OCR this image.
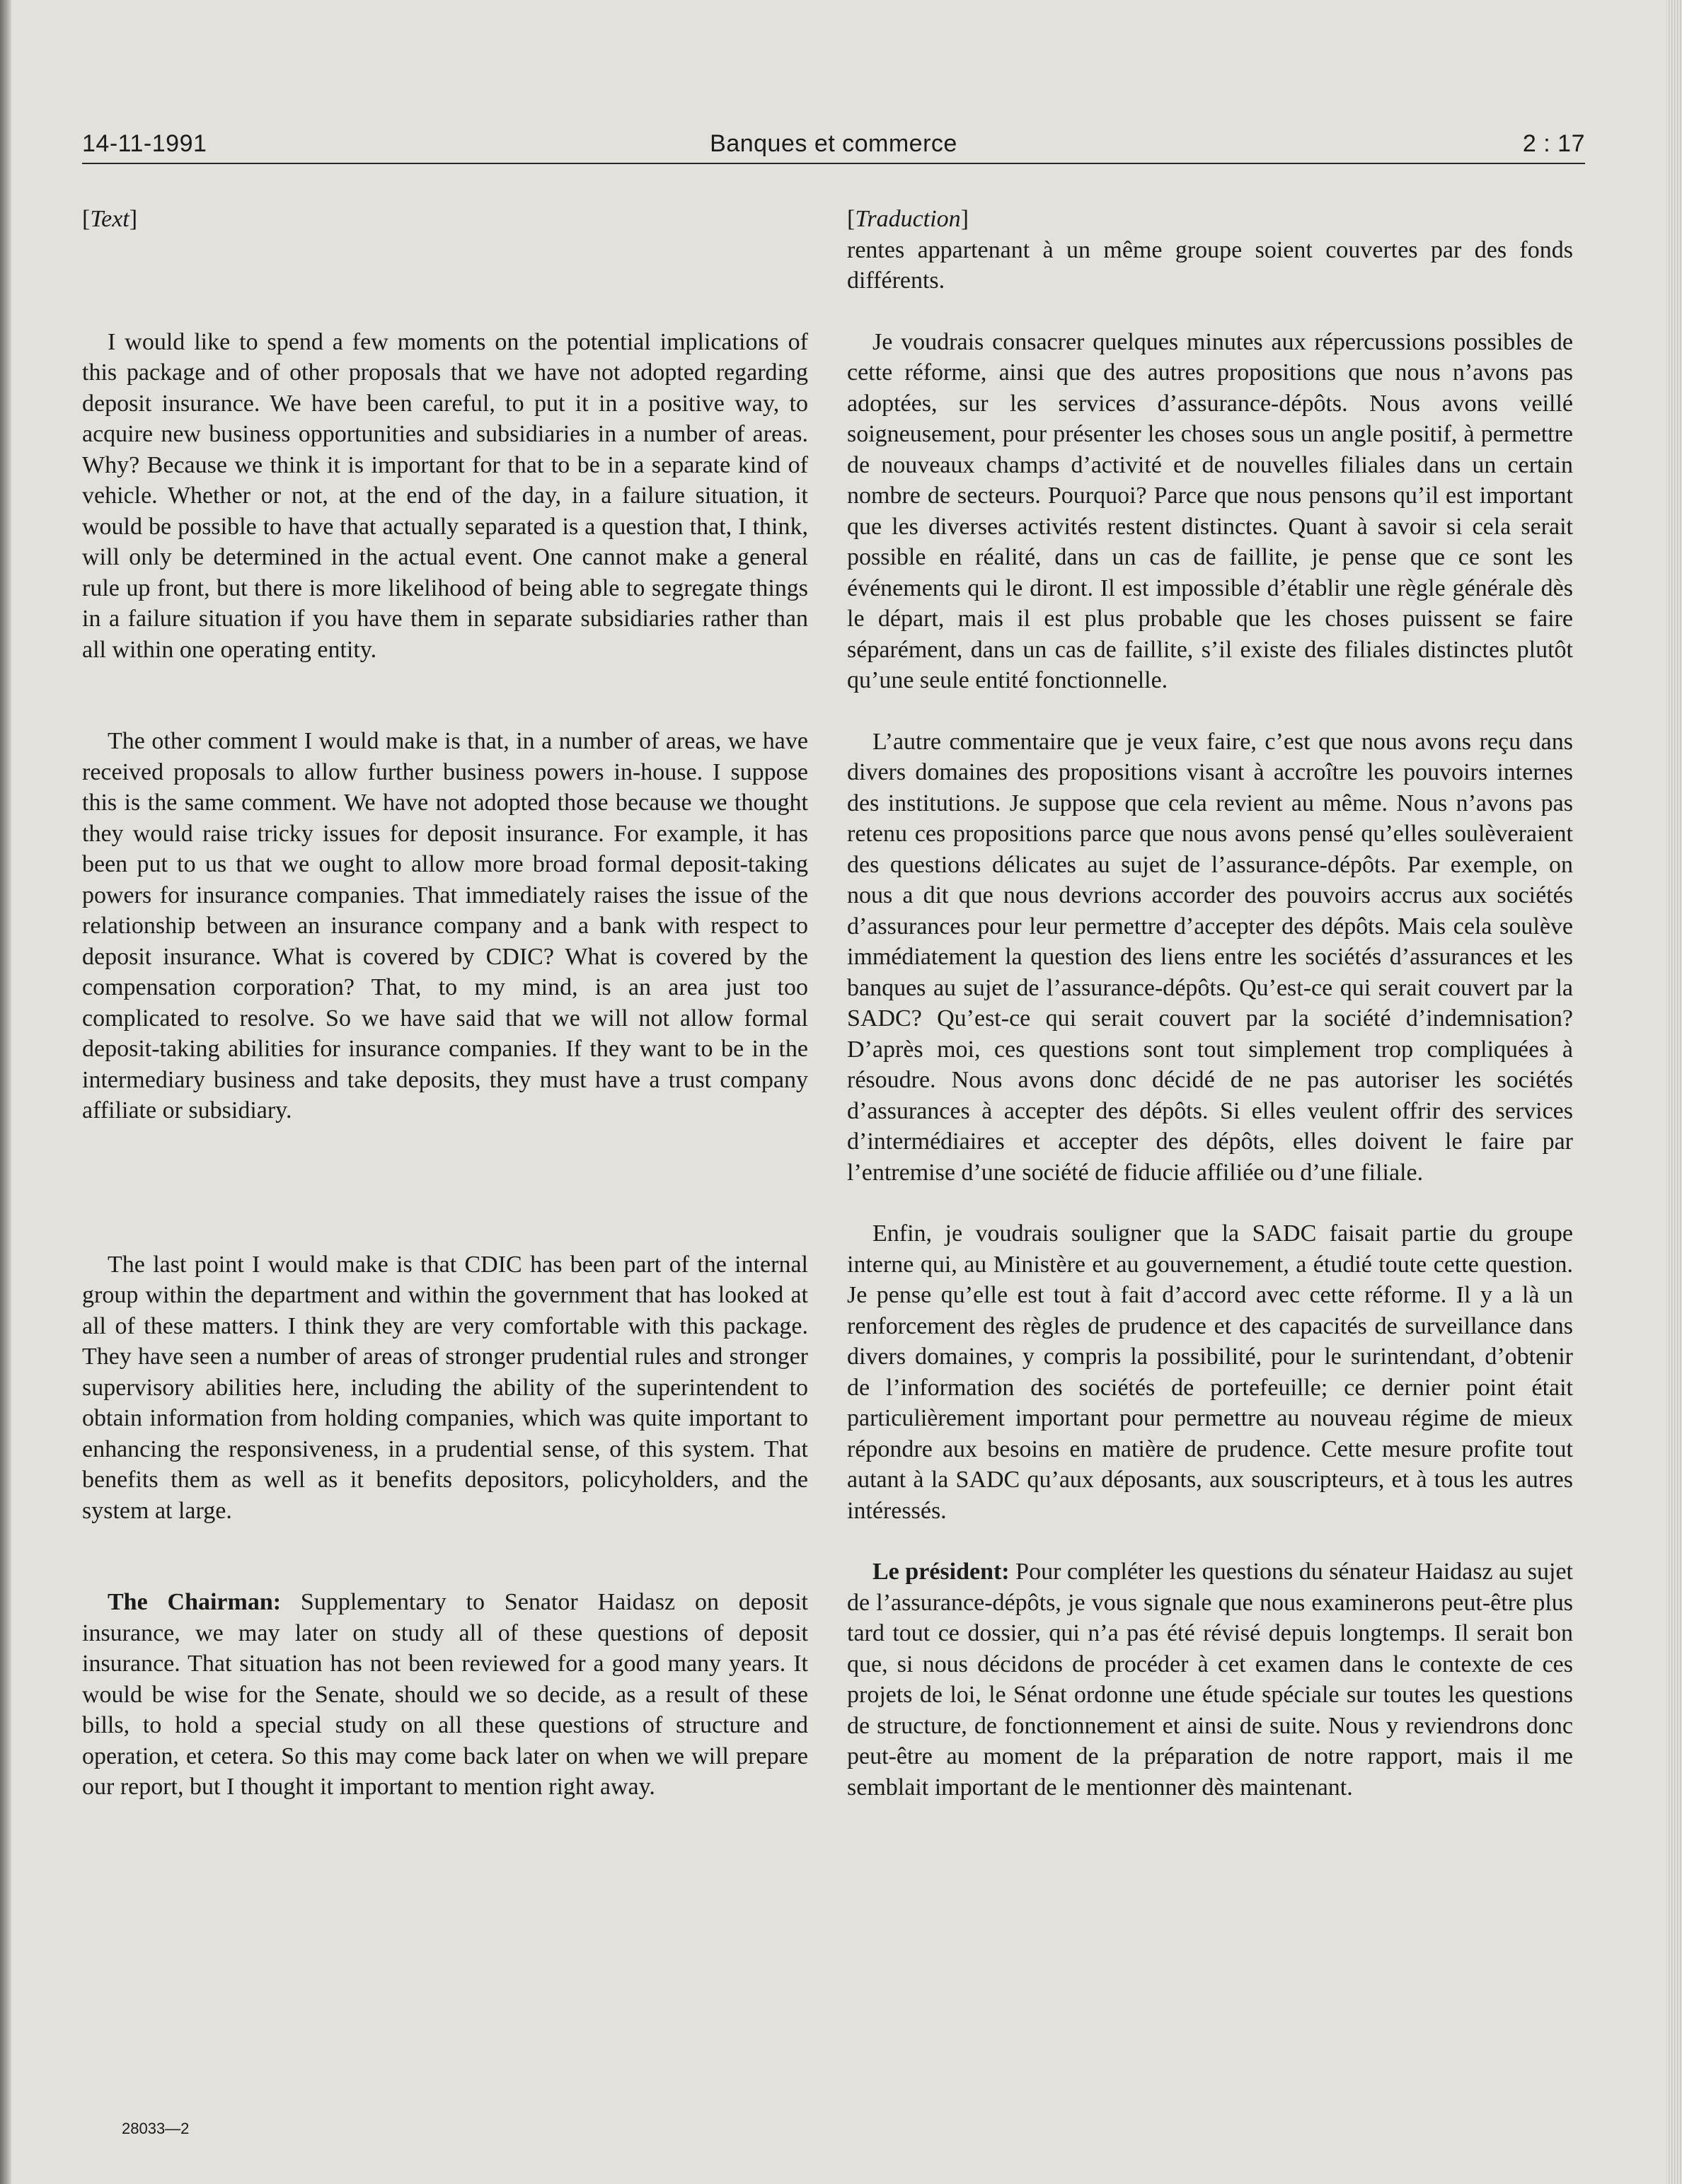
14-11-1991	Banques et commerce	2 : 17

[Text]

I would like to spend a few moments on the potential implications of this package and of other proposals that we have not adopted regarding deposit insurance. We have been careful, to put it in a positive way, to acquire new business opportunities and subsidiaries in a number of areas. Why? Because we think it is important for that to be in a separate kind of vehicle. Whether or not, at the end of the day, in a failure situation, it would be possible to have that actually separated is a question that, I think, will only be determined in the actual event. One cannot make a general rule up front, but there is more likelihood of being able to segregate things in a failure situation if you have them in separate subsidiaries rather than all within one operating entity.

The other comment I would make is that, in a number of areas, we have received proposals to allow further business powers in-house. I suppose this is the same comment. We have not adopted those because we thought they would raise tricky issues for deposit insurance. For example, it has been put to us that we ought to allow more broad formal deposit-taking powers for insurance companies. That immediately raises the issue of the relationship between an insurance company and a bank with respect to deposit insurance. What is covered by CDIC? What is covered by the compensation corporation? That, to my mind, is an area just too complicated to resolve. So we have said that we will not allow formal deposit-taking abilities for insurance companies. If they want to be in the intermediary business and take deposits, they must have a trust company affiliate or subsidiary.

The last point I would make is that CDIC has been part of the internal group within the department and within the government that has looked at all of these matters. I think they are very comfortable with this package. They have seen a number of areas of stronger prudential rules and stronger supervisory abilities here, including the ability of the superintendent to obtain information from holding companies, which was quite important to enhancing the responsiveness, in a prudential sense, of this system. That benefits them as well as it benefits depositors, policyholders, and the system at large.

The Chairman: Supplementary to Senator Haidasz on deposit insurance, we may later on study all of these questions of deposit insurance. That situation has not been reviewed for a good many years. It would be wise for the Senate, should we so decide, as a result of these bills, to hold a special study on all these questions of structure and operation, et cetera. So this may come back later on when we will prepare our report, but I thought it important to mention right away.

[Traduction]

rentes appartenant à un même groupe soient couvertes par des fonds différents.

Je voudrais consacrer quelques minutes aux répercussions possibles de cette réforme, ainsi que des autres propositions que nous n’avons pas adoptées, sur les services d’assurance-dépôts. Nous avons veillé soigneusement, pour présenter les choses sous un angle positif, à permettre de nouveaux champs d’activité et de nouvelles filiales dans un certain nombre de secteurs. Pourquoi? Parce que nous pensons qu’il est important que les diverses activités restent distinctes. Quant à savoir si cela serait possible en réalité, dans un cas de faillite, je pense que ce sont les événements qui le diront. Il est impossible d’établir une règle générale dès le départ, mais il est plus probable que les choses puissent se faire séparément, dans un cas de faillite, s’il existe des filiales distinctes plutôt qu’une seule entité fonctionnelle.

L’autre commentaire que je veux faire, c’est que nous avons reçu dans divers domaines des propositions visant à accroître les pouvoirs internes des institutions. Je suppose que cela revient au même. Nous n’avons pas retenu ces propositions parce que nous avons pensé qu’elles soulèveraient des questions délicates au sujet de l’assurance-dépôts. Par exemple, on nous a dit que nous devrions accorder des pouvoirs accrus aux sociétés d’assurances pour leur permettre d’accepter des dépôts. Mais cela soulève immédiatement la question des liens entre les sociétés d’assurances et les banques au sujet de l’assurance-dépôts. Qu’est-ce qui serait couvert par la SADC? Qu’est-ce qui serait couvert par la société d’indemnisation? D’après moi, ces questions sont tout simplement trop compliquées à résoudre. Nous avons donc décidé de ne pas autoriser les sociétés d’assurances à accepter des dépôts. Si elles veulent offrir des services d’intermédiaires et accepter des dépôts, elles doivent le faire par l’entremise d’une société de fiducie affiliée ou d’une filiale.

Enfin, je voudrais souligner que la SADC faisait partie du groupe interne qui, au Ministère et au gouvernement, a étudié toute cette question. Je pense qu’elle est tout à fait d’accord avec cette réforme. Il y a là un renforcement des règles de prudence et des capacités de surveillance dans divers domaines, y compris la possibilité, pour le surintendant, d’obtenir de l’information des sociétés de portefeuille; ce dernier point était particulièrement important pour permettre au nouveau régime de mieux répondre aux besoins en matière de prudence. Cette mesure profite tout autant à la SADC qu’aux déposants, aux souscripteurs, et à tous les autres intéressés.

Le président: Pour compléter les questions du sénateur Haidasz au sujet de l’assurance-dépôts, je vous signale que nous examinerons peut-être plus tard tout ce dossier, qui n’a pas été révisé depuis longtemps. Il serait bon que, si nous décidons de procéder à cet examen dans le contexte de ces projets de loi, le Sénat ordonne une étude spéciale sur toutes les questions de structure, de fonctionnement et ainsi de suite. Nous y reviendrons donc peut-être au moment de la préparation de notre rapport, mais il me semblait important de le mentionner dès maintenant.

28033—2
